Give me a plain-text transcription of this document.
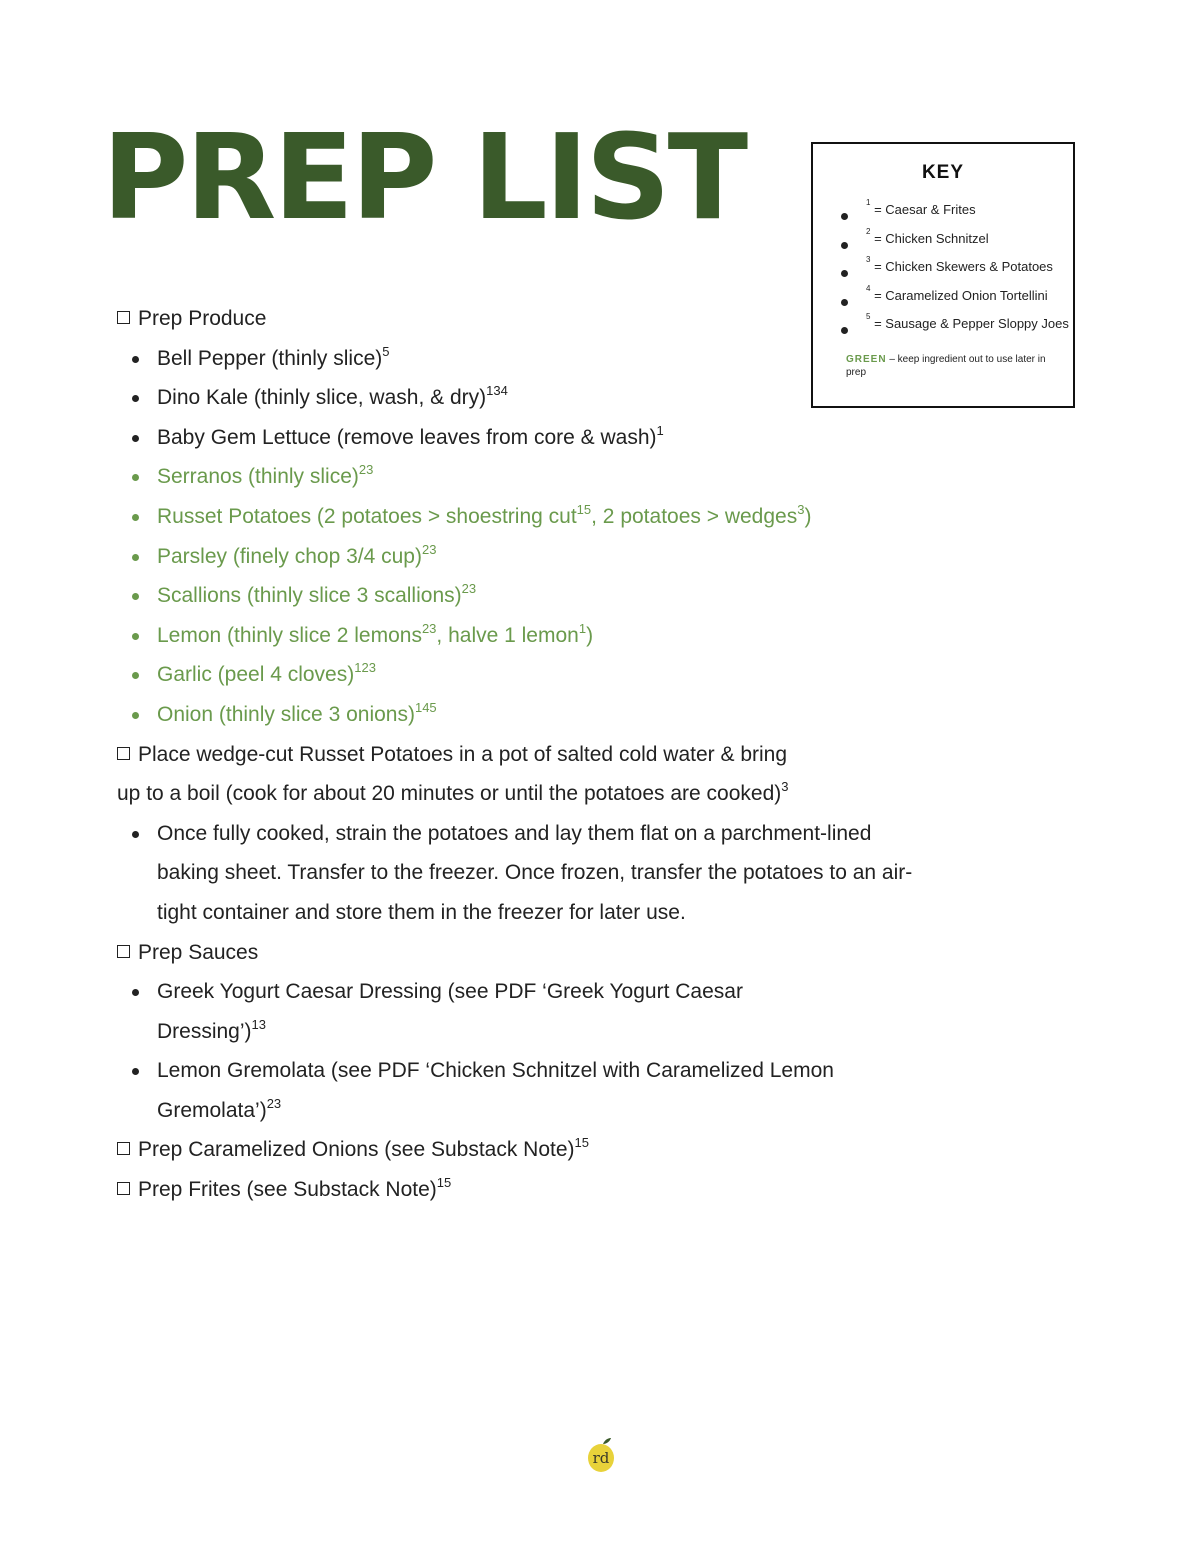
PREP LIST	KEY
$^1$ = Caesar & Frites
$^2$ = Chicken Schnitzel
$^3$ = Chicken Skewers & Potatoes
$^4$ = Caramelized Onion Tortellini
$^5$ = Sausage & Pepper Sloppy Joes
GREEN – keep ingredient out to use later in prep

Prep Produce

Bell Pepper (thinly slice)$^5$
Dino Kale (thinly slice, wash, & dry)$^{134}$
Baby Gem Lettuce (remove leaves from core & wash)$^1$
Serranos (thinly slice)$^{23}$
Russet Potatoes (2 potatoes > shoestring cut$^{15}$, 2 potatoes > wedges$^3$)
Parsley (finely chop 3/4 cup)$^{23}$
Scallions (thinly slice 3 scallions)$^{23}$
Lemon (thinly slice 2 lemons$^{23}$, halve 1 lemon$^1$)
Garlic (peel 4 cloves)$^{123}$
Onion (thinly slice 3 onions)$^{145}$

Place wedge-cut Russet Potatoes in a pot of salted cold water & bring

up to a boil (cook for about 20 minutes or until the potatoes are cooked)$^3$

Once fully cooked, strain the potatoes and lay them flat on a parchment-lined baking sheet. Transfer to the freezer. Once frozen, transfer the potatoes to an air-tight container and store them in the freezer for later use.

Prep Sauces

Greek Yogurt Caesar Dressing (see PDF ‘Greek Yogurt Caesar Dressing’)$^{13}$
Lemon Gremolata (see PDF ‘Chicken Schnitzel with Caramelized Lemon Gremolata’)$^{23}$

Prep Caramelized Onions (see Substack Note)$^{15}$

Prep Frites (see Substack Note)$^{15}$

rd
